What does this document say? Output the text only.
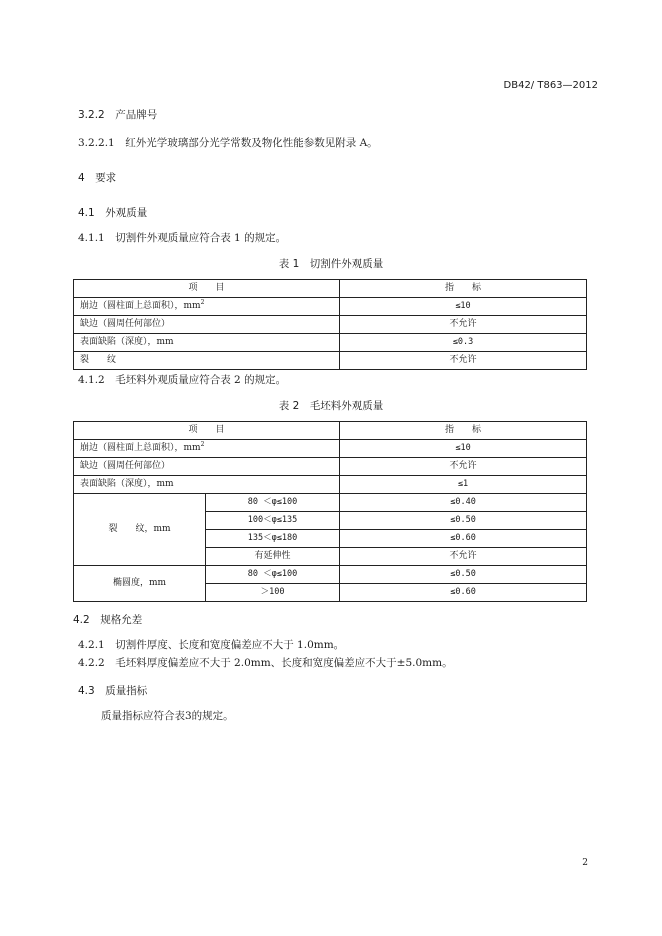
DB42/ T863—2012
3.2.2　 产品牌号
3.2.2.1　 红外光学玻璃部分光学常数及物化性能参数见附录 A。
4　 要求
4.1　 外观质量
4.1.1　 切割件外观质量应符合表 1 的规定。
表 1　切割件外观质量
项　　目	指　　标
崩边（圆柱面上总面积），$mm^2$	≤10
缺边（圆周任何部位）	不允许
表面缺陷（深度），mm	≤0.3
裂　　纹	不允许
4.1.2　 毛坯料外观质量应符合表 2 的规定。
表 2　毛坯料外观质量
项　　目		指　　标
崩边（圆柱面上总面积），$mm^2$		≤10
缺边（圆周任何部位）		不允许
表面缺陷（深度），mm		≤1
裂　　纹，mm	80 ＜φ≤100	≤0.40
	100＜φ≤135	≤0.50
	135＜φ≤180	≤0.60
	有延伸性	不允许
椭圆度，mm	80 ＜φ≤100	≤0.50
	＞100	≤0.60
4.2　 规格允差
4.2.1　 切割件厚度、长度和宽度偏差应不大于 1.0mm。
4.2.2　 毛坯料厚度偏差应不大于 2.0mm、长度和宽度偏差应不大于±5.0mm。
4.3　 质量指标
质量指标应符合表3的规定。
2
